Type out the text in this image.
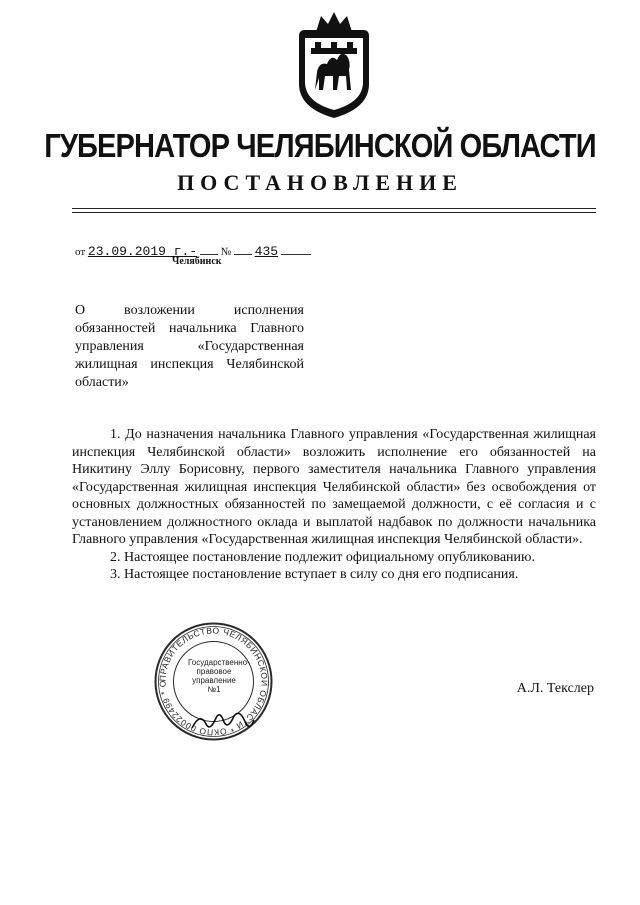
ГУБЕРНАТОР ЧЕЛЯБИНСКОЙ ОБЛАСТИ
ПОСТАНОВЛЕНИЕ
от 23.09.2019 г.- № 435
Челябинск
О возложении исполнения обязанностей начальника Главного управления «Государственная жилищная инспекция Челябинской области»

1. До назначения начальника Главного управления «Государственная жилищная инспекция Челябинской области» возложить исполнение его обязанностей на Никитину Эллу Борисовну, первого заместителя начальника Главного управления «Государственная жилищная инспекция Челябинской области» без освобождения от основных должностных обязанностей по замещаемой должности, с её согласия и с установлением должностного оклада и выплатой надбавок по должности начальника Главного управления «Государственная жилищная инспекция Челябинской области».

2. Настоящее постановление подлежит официальному опубликованию.

3. Настоящее постановление вступает в силу со дня его подписания.

ПРАВИТЕЛЬСТВО ЧЕЛЯБИНСКОЙ ОБЛАСТИ * ОКПО 00022499 * О
Государственно-правовое управление №1	А.Л. Текслер
